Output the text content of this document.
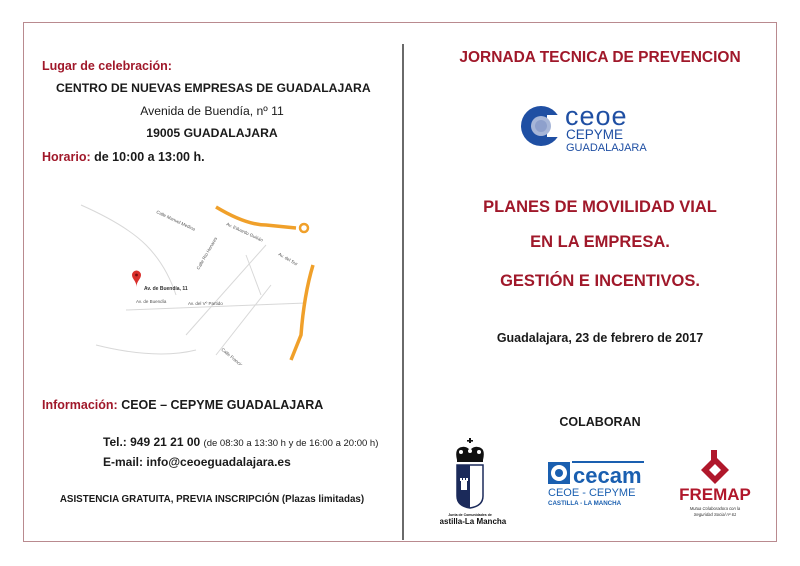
Lugar de celebración:
CENTRO DE NUEVAS EMPRESAS DE GUADALAJARA
Avenida de Buendía, nº 11
19005 GUADALAJARA
Horario: de 10:00 a 13:00 h.
Calle Manuel Medina
Av. Eduardo Guitián
Av. de Buendía	Av. del Vº Partido
Calle Río Henares	Av. del Sur
Calle Francisco Aritio
Av. de Buendía, 11
Información: CEOE – CEPYME GUADALAJARA
Tel.: 949 21 21 00 (de 08:30 a 13:30 h y de 16:00 a 20:00 h)
E-mail: info@ceoeguadalajara.es
ASISTENCIA GRATUITA, PREVIA INSCRIPCIÓN (Plazas limitadas)
JORNADA TECNICA DE PREVENCION
ceoe
CEPYME
GUADALAJARA
PLANES DE MOVILIDAD VIAL
EN LA EMPRESA.
GESTIÓN E INCENTIVOS.
Guadalajara, 23 de febrero de 2017
COLABORAN
Junta de Comunidades de
Castilla-La Mancha
cecam
CEOE - CEPYME
CASTILLA - LA MANCHA	FREMAP
Mutua Colaboradora con la
Seguridad Social nº 61
